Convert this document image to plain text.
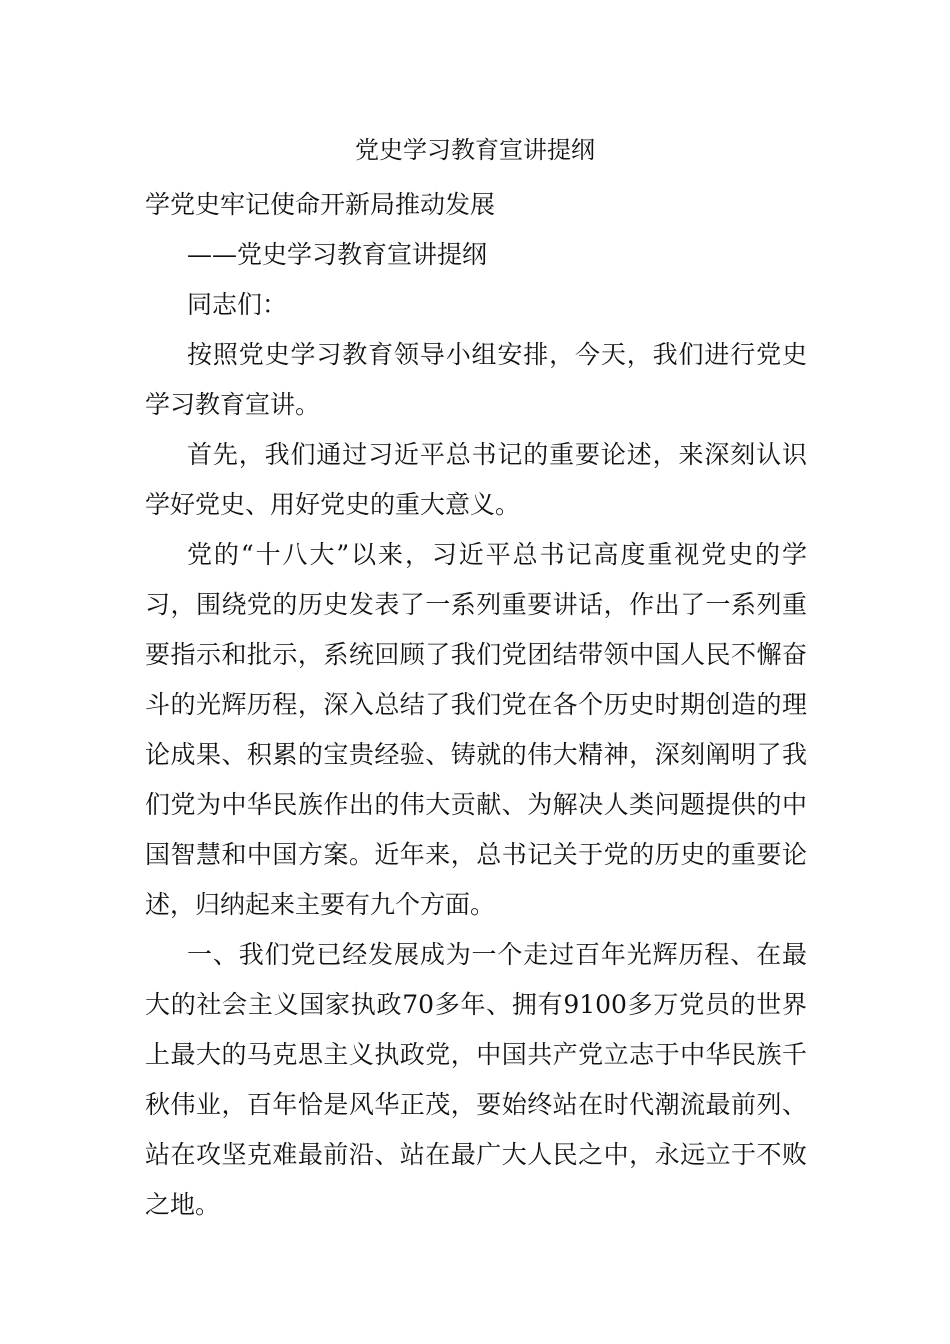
党史学习教育宣讲提纲

学党史牢记使命开新局推动发展

——党史学习教育宣讲提纲

同志们：

按照党史学习教育领导小组安排，今天，我们进行党史学习教育宣讲。

首先，我们通过习近平总书记的重要论述，来深刻认识学好党史、用好党史的重大意义。

党的“十八大”以来，习近平总书记高度重视党史的学习，围绕党的历史发表了一系列重要讲话，作出了一系列重要指示和批示，系统回顾了我们党团结带领中国人民不懈奋斗的光辉历程，深入总结了我们党在各个历史时期创造的理论成果、积累的宝贵经验、铸就的伟大精神，深刻阐明了我们党为中华民族作出的伟大贡献、为解决人类问题提供的中国智慧和中国方案。近年来，总书记关于党的历史的重要论述，归纳起来主要有九个方面。

一、我们党已经发展成为一个走过百年光辉历程、在最大的社会主义国家执政70多年、拥有9100多万党员的世界上最大的马克思主义执政党，中国共产党立志于中华民族千秋伟业，百年恰是风华正茂，要始终站在时代潮流最前列、站在攻坚克难最前沿、站在最广大人民之中，永远立于不败之地。
